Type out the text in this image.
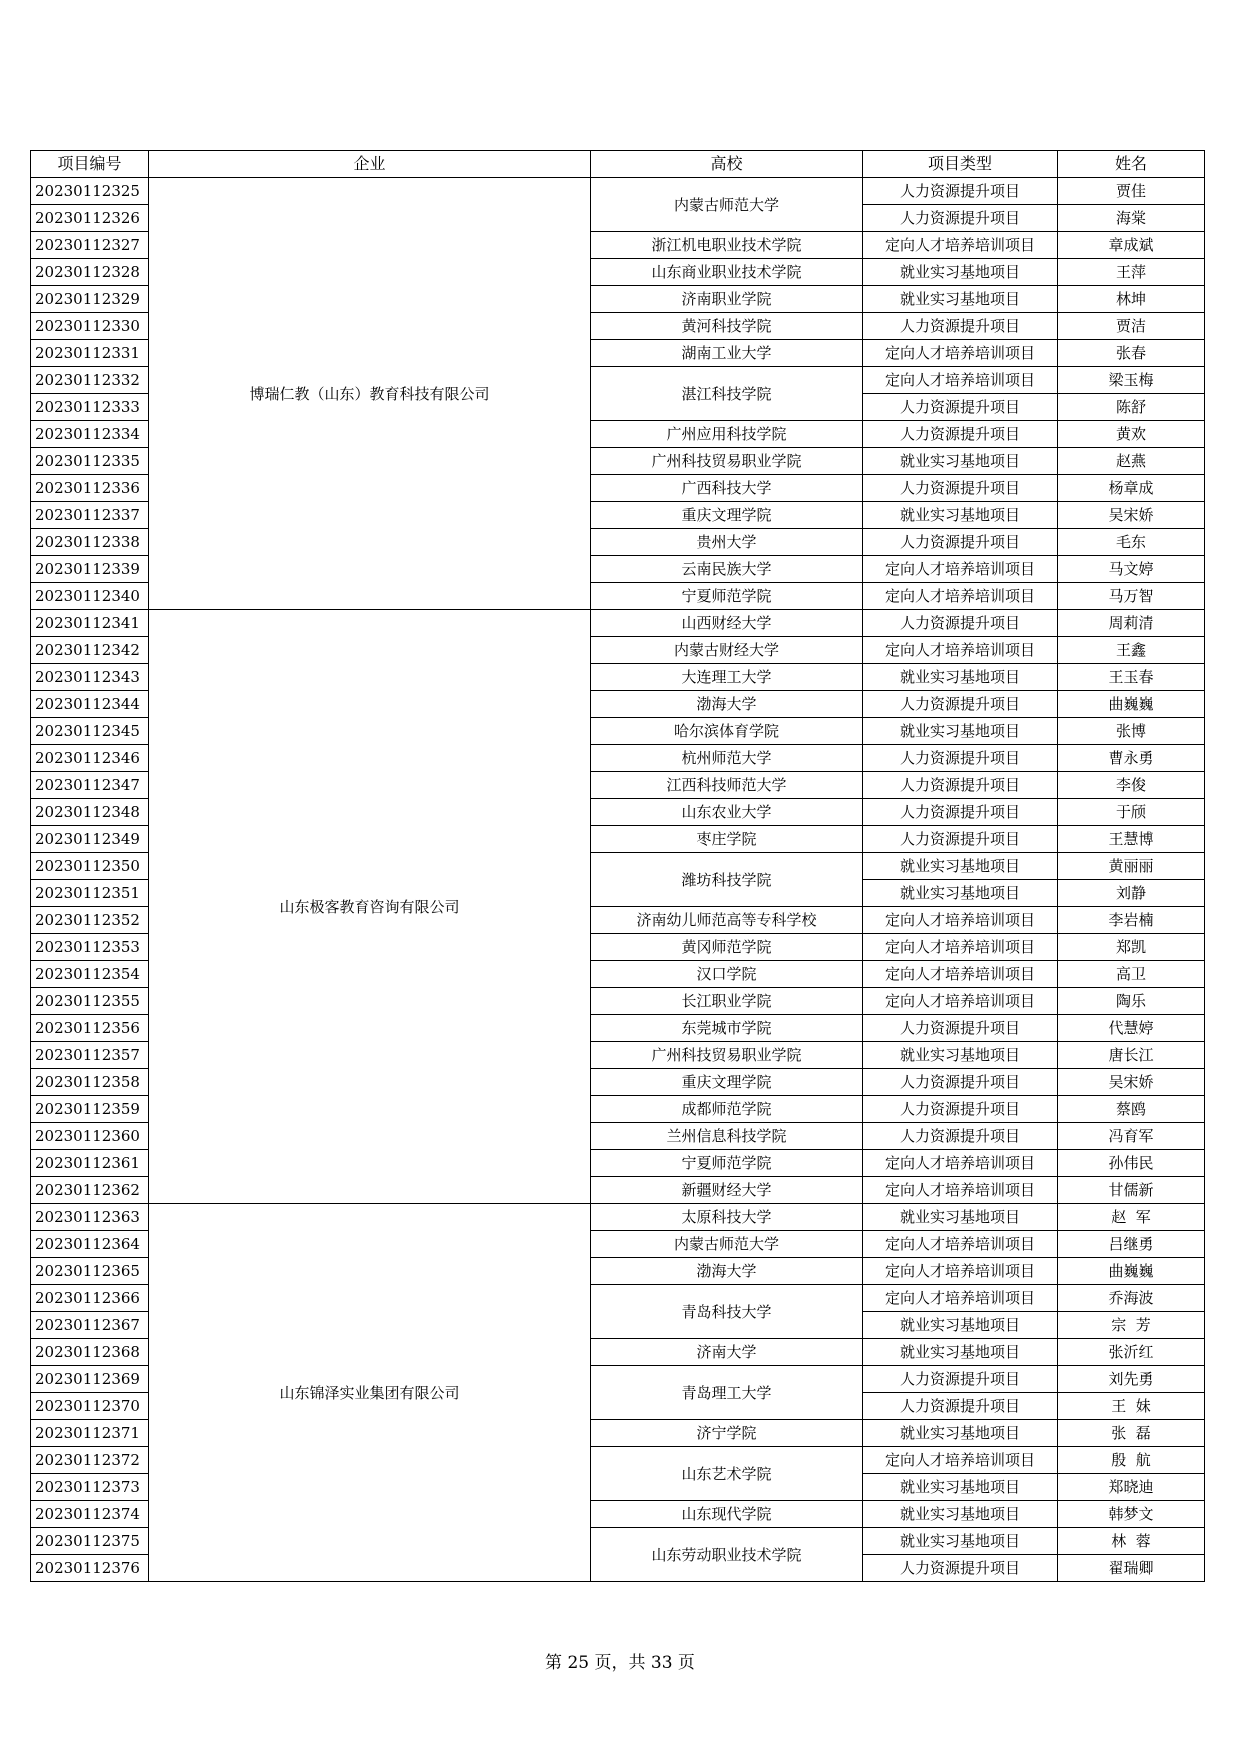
项目编号	企业	高校	项目类型	姓名
20230112325	博瑞仁教（山东）教育科技有限公司	内蒙古师范大学	人力资源提升项目	贾佳
20230112326			人力资源提升项目	海棠
20230112327		浙江机电职业技术学院	定向人才培养培训项目	章成斌
20230112328		山东商业职业技术学院	就业实习基地项目	王萍
20230112329		济南职业学院	就业实习基地项目	林坤
20230112330		黄河科技学院	人力资源提升项目	贾洁
20230112331		湖南工业大学	定向人才培养培训项目	张春
20230112332		湛江科技学院	定向人才培养培训项目	梁玉梅
20230112333			人力资源提升项目	陈舒
20230112334		广州应用科技学院	人力资源提升项目	黄欢
20230112335		广州科技贸易职业学院	就业实习基地项目	赵燕
20230112336		广西科技大学	人力资源提升项目	杨章成
20230112337		重庆文理学院	就业实习基地项目	吴宋娇
20230112338		贵州大学	人力资源提升项目	毛东
20230112339		云南民族大学	定向人才培养培训项目	马文婷
20230112340		宁夏师范学院	定向人才培养培训项目	马万智
20230112341	山东极客教育咨询有限公司	山西财经大学	人力资源提升项目	周莉清
20230112342		内蒙古财经大学	定向人才培养培训项目	王鑫
20230112343		大连理工大学	就业实习基地项目	王玉春
20230112344		渤海大学	人力资源提升项目	曲巍巍
20230112345		哈尔滨体育学院	就业实习基地项目	张博
20230112346		杭州师范大学	人力资源提升项目	曹永勇
20230112347		江西科技师范大学	人力资源提升项目	李俊
20230112348		山东农业大学	人力资源提升项目	于颀
20230112349		枣庄学院	人力资源提升项目	王慧博
20230112350		潍坊科技学院	就业实习基地项目	黄丽丽
20230112351			就业实习基地项目	刘静
20230112352		济南幼儿师范高等专科学校	定向人才培养培训项目	李岩楠
20230112353		黄冈师范学院	定向人才培养培训项目	郑凯
20230112354		汉口学院	定向人才培养培训项目	高卫
20230112355		长江职业学院	定向人才培养培训项目	陶乐
20230112356		东莞城市学院	人力资源提升项目	代慧婷
20230112357		广州科技贸易职业学院	就业实习基地项目	唐长江
20230112358		重庆文理学院	人力资源提升项目	吴宋娇
20230112359		成都师范学院	人力资源提升项目	蔡鸥
20230112360		兰州信息科技学院	人力资源提升项目	冯育军
20230112361		宁夏师范学院	定向人才培养培训项目	孙伟民
20230112362		新疆财经大学	定向人才培养培训项目	甘儒新
20230112363	山东锦泽实业集团有限公司	太原科技大学	就业实习基地项目	赵  军
20230112364		内蒙古师范大学	定向人才培养培训项目	吕继勇
20230112365		渤海大学	定向人才培养培训项目	曲巍巍
20230112366		青岛科技大学	定向人才培养培训项目	乔海波
20230112367			就业实习基地项目	宗  芳
20230112368		济南大学	就业实习基地项目	张沂红
20230112369		青岛理工大学	人力资源提升项目	刘先勇
20230112370			人力资源提升项目	王  妹
20230112371		济宁学院	就业实习基地项目	张  磊
20230112372		山东艺术学院	定向人才培养培训项目	殷  航
20230112373			就业实习基地项目	郑晓迪
20230112374		山东现代学院	就业实习基地项目	韩梦文
20230112375		山东劳动职业技术学院	就业实习基地项目	林  蓉
20230112376			人力资源提升项目	翟瑞卿
第 25 页，共 33 页
